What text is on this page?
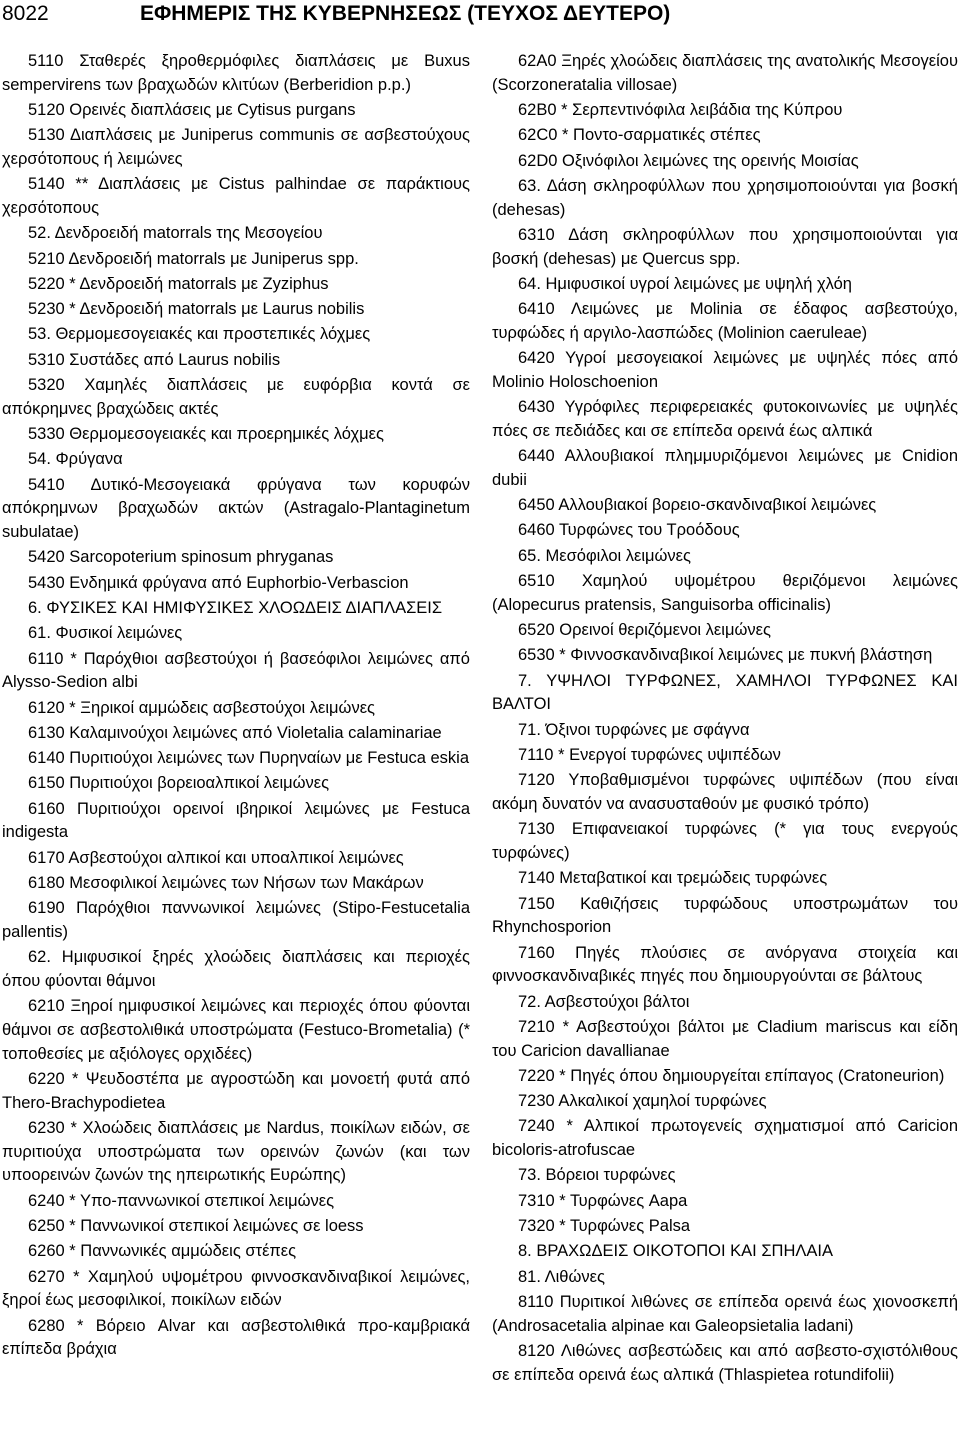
8022	ΕΦΗΜΕΡΙΣ ΤΗΣ ΚΥΒΕΡΝΗΣΕΩΣ (ΤΕΥΧΟΣ ΔΕΥΤΕΡΟ)

5110 Σταθερές ξηροθερμόφιλες διαπλάσεις με Buxus sempervirens των βραχωδών κλιτύων (Berberidion p.p.)

5120 Ορεινές διαπλάσεις με Cytisus purgans

5130 Διαπλάσεις με Juniperus communis σε ασβεστούχους χερσότοπους ή λειμώνες

5140 ** Διαπλάσεις με Cistus palhindae σε παράκτιους χερσότοπους

52. Δενδροειδή matorrals της Μεσογείου

5210 Δενδροειδή matorrals με Juniperus spp.

5220 * Δενδροειδή matorrals με Zyziphus

5230 * Δενδροειδή matorrals με Laurus nobilis

53. Θερμομεσογειακές και προστεπικές λόχμες

5310 Συστάδες από Laurus nobilis

5320 Χαμηλές διαπλάσεις με ευφόρβια κοντά σε απόκρημνες βραχώδεις ακτές

5330 Θερμομεσογειακές και προερημικές λόχμες

54. Φρύγανα

5410 Δυτικό-Μεσογειακά φρύγανα των κορυφών απόκρημνων βραχωδών ακτών (Astragalo-Plantaginetum subulatae)

5420 Sarcopoterium spinosum phryganas

5430 Ενδημικά φρύγανα από Euphorbio-Verbascion

6. ΦΥΣΙΚΕΣ ΚΑΙ ΗΜΙΦΥΣΙΚΕΣ ΧΛΟΩΔΕΙΣ ΔΙΑΠΛΑΣΕΙΣ

61. Φυσικοί λειμώνες

6110 * Παρόχθιοι ασβεστούχοι ή βασεόφιλοι λειμώνες από Alysso-Sedion albi

6120 * Ξηρικοί αμμώδεις ασβεστούχοι λειμώνες

6130 Καλαμινούχοι λειμώνες από Violetalia calaminariae

6140 Πυριτιούχοι λειμώνες των Πυρηναίων με Festuca eskia

6150 Πυριτιούχοι βορειοαλπικοί λειμώνες

6160 Πυριτιούχοι ορεινοί ιβηρικοί λειμώνες με Festuca indigesta

6170 Ασβεστούχοι αλπικοί και υποαλπικοί λειμώνες

6180 Μεσοφιλικοί λειμώνες των Νήσων των Μακάρων

6190 Παρόχθιοι παννωνικοί λειμώνες (Stipo-Festucetalia pallentis)

62. Ημιφυσικοί ξηρές χλοώδεις διαπλάσεις και περιοχές όπου φύονται θάμνοι

6210 Ξηροί ημιφυσικοί λειμώνες και περιοχές όπου φύονται θάμνοι σε ασβεστολιθικά υποστρώματα (Festuco-Brometalia) (* τοποθεσίες με αξιόλογες ορχιδέες)

6220 * Ψευδοστέπα με αγροστώδη και μονοετή φυτά από Thero-Brachypodietea

6230 * Χλοώδεις διαπλάσεις με Nardus, ποικίλων ειδών, σε πυριτιούχα υποστρώματα των ορεινών ζωνών (και των υποορεινών ζωνών της ηπειρωτικής Ευρώπης)

6240 * Υπο-παννωνικοί στεπικοί λειμώνες

6250 * Παννωνικοί στεπικοί λειμώνες σε loess

6260 * Παννωνικές αμμώδεις στέπες

6270 * Χαμηλού υψομέτρου φιννοσκανδιναβικοί λειμώνες, ξηροί έως μεσοφιλικοί, ποικίλων ειδών

6280 * Βόρειο Alvar και ασβεστολιθικά προ-καμβριακά επίπεδα βράχια

62Α0 Ξηρές χλοώδεις διαπλάσεις της ανατολικής Μεσογείου (Scorzoneratalia villosae)

62Β0 * Σερπεντινόφιλα λειβάδια της Κύπρου

62C0 * Ποντο-σαρματικές στέπες

62D0 Οξινόφιλοι λειμώνες της ορεινής Μοισίας

63. Δάση σκληροφύλλων που χρησιμοποιούνται για βοσκή (dehesas)

6310 Δάση σκληροφύλλων που χρησιμοποιούνται για βοσκή (dehesas) με Quercus spp.

64. Ημιφυσικοί υγροί λειμώνες με υψηλή χλόη

6410 Λειμώνες με Molinia σε έδαφος ασβεστούχο, τυρφώδες ή αργιλο-λασπώδες (Molinion caeruleae)

6420 Υγροί μεσογειακοί λειμώνες με υψηλές πόες από Molinio Holoschoenion

6430 Υγρόφιλες περιφερειακές φυτοκοινωνίες με υψηλές πόες σε πεδιάδες και σε επίπεδα ορεινά έως αλπικά

6440 Αλλουβιακοί πλημμυριζόμενοι λειμώνες με Cnidion dubii

6450 Αλλουβιακοί βορειο-σκανδιναβικοί λειμώνες

6460 Τυρφώνες του Τροόδους

65. Μεσόφιλοι λειμώνες

6510 Χαμηλού υψομέτρου θεριζόμενοι λειμώνες (Alopecurus pratensis, Sanguisorba officinalis)

6520 Ορεινοί θεριζόμενοι λειμώνες

6530 * Φιννοσκανδιναβικοί λειμώνες με πυκνή βλάστηση

7. ΥΨΗΛΟΙ ΤΥΡΦΩΝΕΣ, ΧΑΜΗΛΟΙ ΤΥΡΦΩΝΕΣ ΚΑΙ ΒΑΛΤΟΙ

71. Όξινοι τυρφώνες με σφάγνα

7110 * Ενεργοί τυρφώνες υψιπέδων

7120 Υποβαθμισμένοι τυρφώνες υψιπέδων (που είναι ακόμη δυνατόν να ανασυσταθούν με φυσικό τρόπο)

7130 Επιφανειακοί τυρφώνες (* για τους ενεργούς τυρφώνες)

7140 Μεταβατικοί και τρεμώδεις τυρφώνες

7150 Καθιζήσεις τυρφώδους υποστρωμάτων του Rhynchosporion

7160 Πηγές πλούσιες σε ανόργανα στοιχεία και φιννοσκανδιναβικές πηγές που δημιουργούνται σε βάλτους

72. Ασβεστούχοι βάλτοι

7210 * Ασβεστούχοι βάλτοι με Cladium mariscus και είδη του Caricion davallianae

7220 * Πηγές όπου δημιουργείται επίπαγος (Cratoneurion)

7230 Αλκαλικοί χαμηλοί τυρφώνες

7240 * Αλπικοί πρωτογενείς σχηματισμοί από Caricion bicoloris-atrofuscae

73. Βόρειοι τυρφώνες

7310 * Τυρφώνες Aapa

7320 * Τυρφώνες Palsa

8. ΒΡΑΧΩΔΕΙΣ ΟΙΚΟΤΟΠΟΙ ΚΑΙ ΣΠΗΛΑΙΑ

81. Λιθώνες

8110 Πυριτικοί λιθώνες σε επίπεδα ορεινά έως χιονοσκεπή (Androsacetalia alpinae και Galeopsietalia ladani)

8120 Λιθώνες ασβεστώδεις και από ασβεστο-σχιστόλιθους σε επίπεδα ορεινά έως αλπικά (Thlaspietea rotundifolii)
